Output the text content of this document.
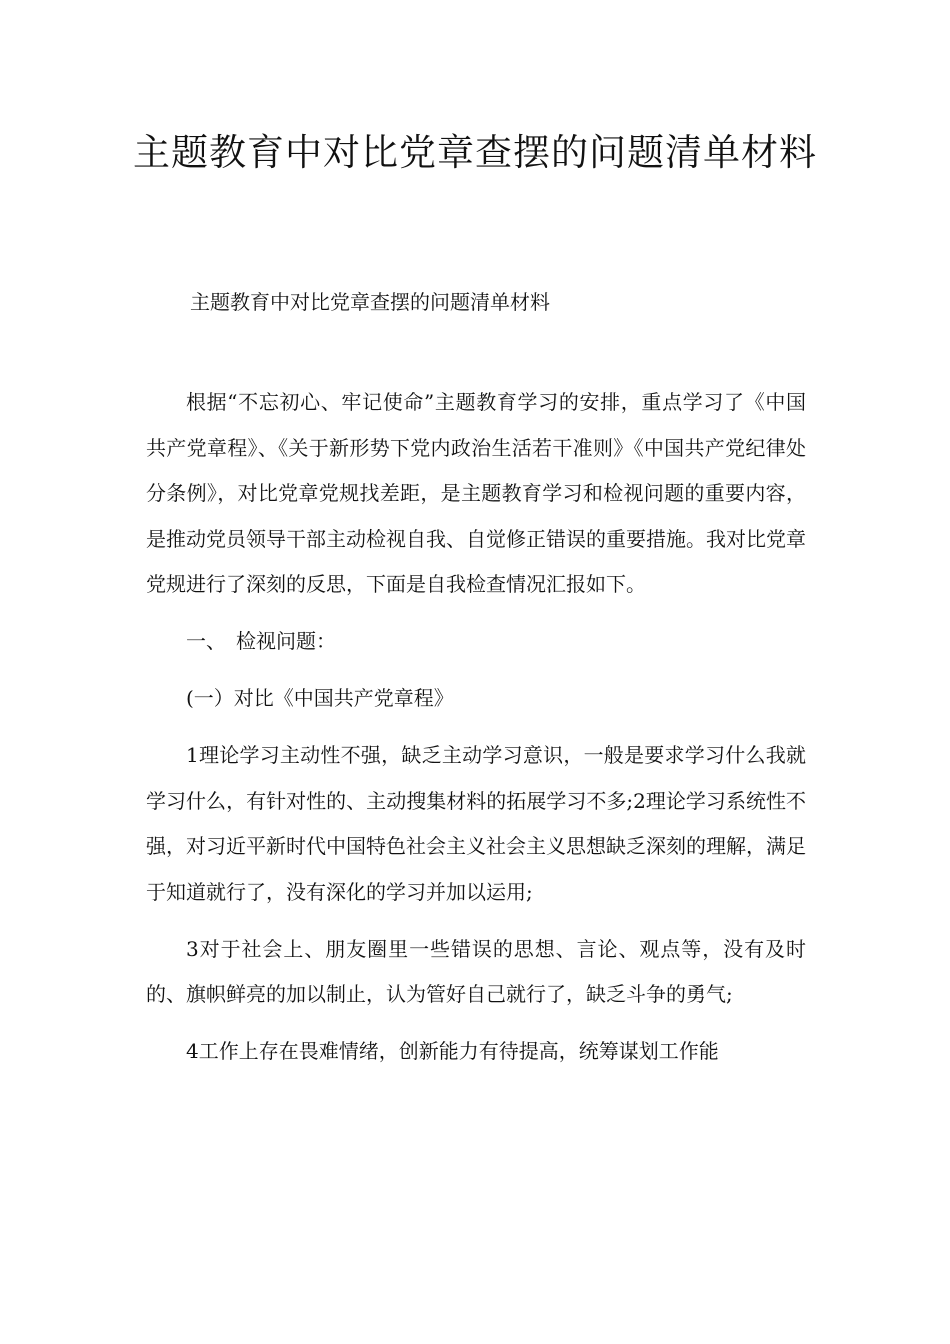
主题教育中对比党章查摆的问题清单材料

主题教育中对比党章查摆的问题清单材料

根据“不忘初心、牢记使命”主题教育学习的安排，重点学习了《中国共产党章程》、《关于新形势下党内政治生活若干准则》《中国共产党纪律处分条例》，对比党章党规找差距，是主题教育学习和检视问题的重要内容，是推动党员领导干部主动检视自我、自觉修正错误的重要措施。我对比党章党规进行了深刻的反思，下面是自我检查情况汇报如下。

一、　检视问题：

(一）对比《中国共产党章程》

1理论学习主动性不强，缺乏主动学习意识，一般是要求学习什么我就学习什么，有针对性的、主动搜集材料的拓展学习不多;2理论学习系统性不强，对习近平新时代中国特色社会主义社会主义思想缺乏深刻的理解，满足于知道就行了，没有深化的学习并加以运用;

3对于社会上、朋友圈里一些错误的思想、言论、观点等，没有及时的、旗帜鲜亮的加以制止，认为管好自己就行了，缺乏斗争的勇气;

4工作上存在畏难情绪，创新能力有待提高，统筹谋划工作能
